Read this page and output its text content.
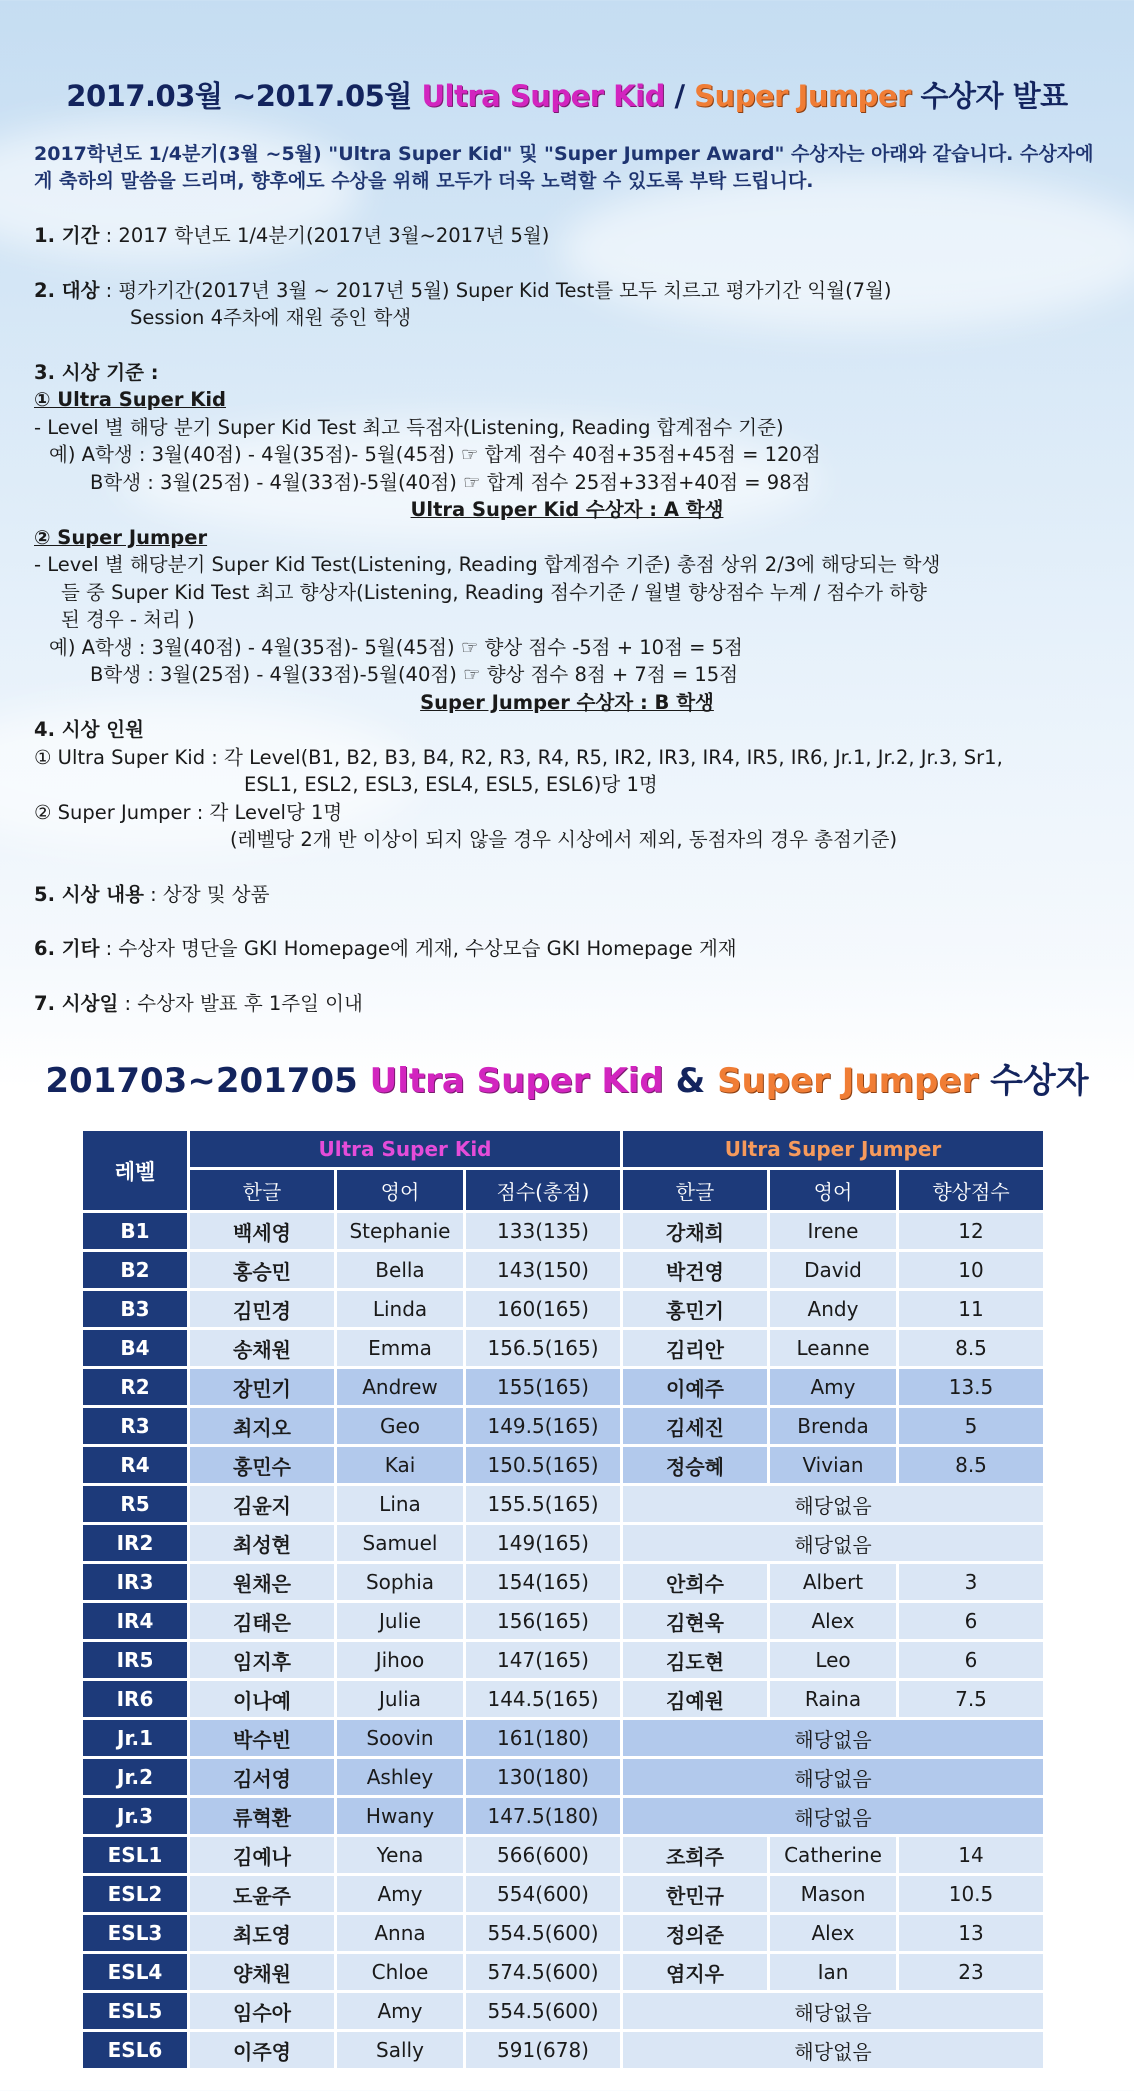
2017.03월 ~2017.05월 Ultra Super Kid / Super Jumper 수상자 발표
2017학년도 1/4분기(3월 ~5월) "Ultra Super Kid" 및 "Super Jumper Award" 수상자는 아래와 같습니다. 수상자에게 축하의 말씀을 드리며, 향후에도 수상을 위해 모두가 더욱 노력할 수 있도록 부탁 드립니다.
1. 기간 : 2017 학년도 1/4분기(2017년 3월~2017년 5월)
2. 대상 : 평가기간(2017년 3월 ~ 2017년 5월) Super Kid Test를 모두 치르고 평가기간 익월(7월)
Session 4주차에 재원 중인 학생
3. 시상 기준 :
① Ultra Super Kid
- Level 별 해당 분기 Super Kid Test 최고 득점자(Listening, Reading 합계점수 기준)
예) A학생 : 3월(40점) - 4월(35점)- 5월(45점) ☞ 합계 점수 40점+35점+45점 = 120점
B학생 : 3월(25점) - 4월(33점)-5월(40점) ☞ 합계 점수 25점+33점+40점 = 98점
Ultra Super Kid 수상자 : A 학생
② Super Jumper
- Level 별 해당분기 Super Kid Test(Listening, Reading 합계점수 기준) 총점 상위 2/3에 해당되는 학생
들 중 Super Kid Test 최고 향상자(Listening, Reading 점수기준 / 월별 향상점수 누계 / 점수가 하향
된 경우 - 처리 )
예) A학생 : 3월(40점) - 4월(35점)- 5월(45점) ☞ 향상 점수 -5점 + 10점 = 5점
B학생 : 3월(25점) - 4월(33점)-5월(40점) ☞ 향상 점수 8점 + 7점 = 15점
Super Jumper 수상자 : B 학생
4. 시상 인원
① Ultra Super Kid : 각 Level(B1, B2, B3, B4, R2, R3, R4, R5, IR2, IR3, IR4, IR5, IR6, Jr.1, Jr.2, Jr.3, Sr1,
ESL1, ESL2, ESL3, ESL4, ESL5, ESL6)당 1명
② Super Jumper : 각 Level당 1명
(레벨당 2개 반 이상이 되지 않을 경우 시상에서 제외, 동점자의 경우 총점기준)
5. 시상 내용 : 상장 및 상품
6. 기타 : 수상자 명단을 GKI Homepage에 게재, 수상모습 GKI Homepage 게재
7. 시상일 : 수상자 발표 후 1주일 이내
201703~201705 Ultra Super Kid & Super Jumper 수상자
레벨	Ultra Super Kid			Ultra Super Jumper		
	한글	영어	점수(총점)	한글	영어	향상점수
B1	백세영	Stephanie	133(135)	강채희	Irene	12
B2	홍승민	Bella	143(150)	박건영	David	10
B3	김민경	Linda	160(165)	홍민기	Andy	11
B4	송채원	Emma	156.5(165)	김리안	Leanne	8.5
R2	장민기	Andrew	155(165)	이예주	Amy	13.5
R3	최지오	Geo	149.5(165)	김세진	Brenda	5
R4	홍민수	Kai	150.5(165)	정승혜	Vivian	8.5
R5	김윤지	Lina	155.5(165)	해당없음		
IR2	최성현	Samuel	149(165)	해당없음		
IR3	원채은	Sophia	154(165)	안희수	Albert	3
IR4	김태은	Julie	156(165)	김현욱	Alex	6
IR5	임지후	Jihoo	147(165)	김도현	Leo	6
IR6	이나예	Julia	144.5(165)	김예원	Raina	7.5
Jr.1	박수빈	Soovin	161(180)	해당없음		
Jr.2	김서영	Ashley	130(180)	해당없음		
Jr.3	류혁환	Hwany	147.5(180)	해당없음		
ESL1	김예나	Yena	566(600)	조희주	Catherine	14
ESL2	도윤주	Amy	554(600)	한민규	Mason	10.5
ESL3	최도영	Anna	554.5(600)	정의준	Alex	13
ESL4	양채원	Chloe	574.5(600)	염지우	Ian	23
ESL5	임수아	Amy	554.5(600)	해당없음		
ESL6	이주영	Sally	591(678)	해당없음		
